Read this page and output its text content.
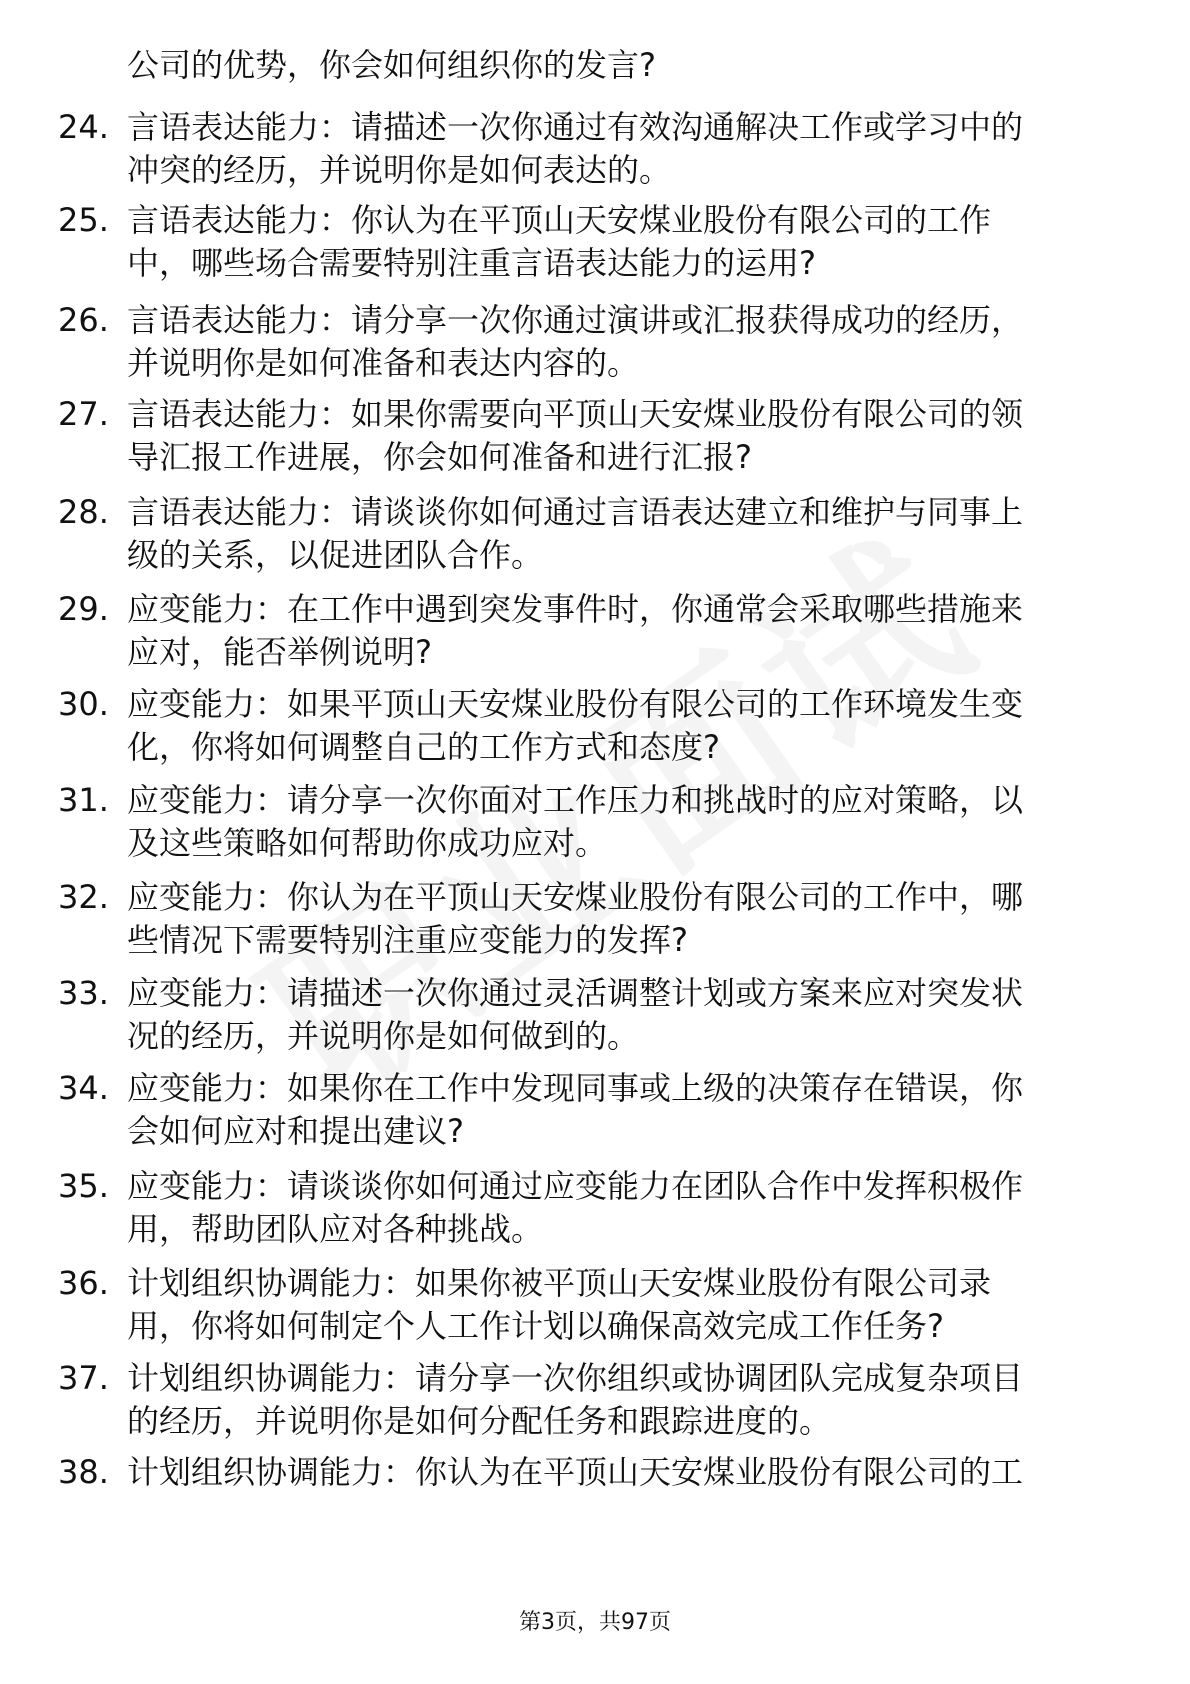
公司的优势，你会如何组织你的发言?
24. 言语表达能力：请描述一次你通过有效沟通解决工作或学习中的
冲突的经历，并说明你是如何表达的。
25. 言语表达能力：你认为在平顶山天安煤业股份有限公司的工作
中，哪些场合需要特别注重言语表达能力的运用?
26. 言语表达能力：请分享一次你通过演讲或汇报获得成功的经历，
并说明你是如何准备和表达内容的。
27. 言语表达能力：如果你需要向平顶山天安煤业股份有限公司的领
导汇报工作进展，你会如何准备和进行汇报?
28. 言语表达能力：请谈谈你如何通过言语表达建立和维护与同事上
级的关系，以促进团队合作。
29. 应变能力：在工作中遇到突发事件时，你通常会采取哪些措施来
应对，能否举例说明?
30. 应变能力：如果平顶山天安煤业股份有限公司的工作环境发生变
化，你将如何调整自己的工作方式和态度?
31. 应变能力：请分享一次你面对工作压力和挑战时的应对策略，以
及这些策略如何帮助你成功应对。
32. 应变能力：你认为在平顶山天安煤业股份有限公司的工作中，哪
些情况下需要特别注重应变能力的发挥?
33. 应变能力：请描述一次你通过灵活调整计划或方案来应对突发状
况的经历，并说明你是如何做到的。
34. 应变能力：如果你在工作中发现同事或上级的决策存在错误，你
会如何应对和提出建议?
35. 应变能力：请谈谈你如何通过应变能力在团队合作中发挥积极作
用，帮助团队应对各种挑战。
36. 计划组织协调能力：如果你被平顶山天安煤业股份有限公司录
用，你将如何制定个人工作计划以确保高效完成工作任务?
37. 计划组织协调能力：请分享一次你组织或协调团队完成复杂项目
的经历，并说明你是如何分配任务和跟踪进度的。
38. 计划组织协调能力：你认为在平顶山天安煤业股份有限公司的工
第3页，共97页
